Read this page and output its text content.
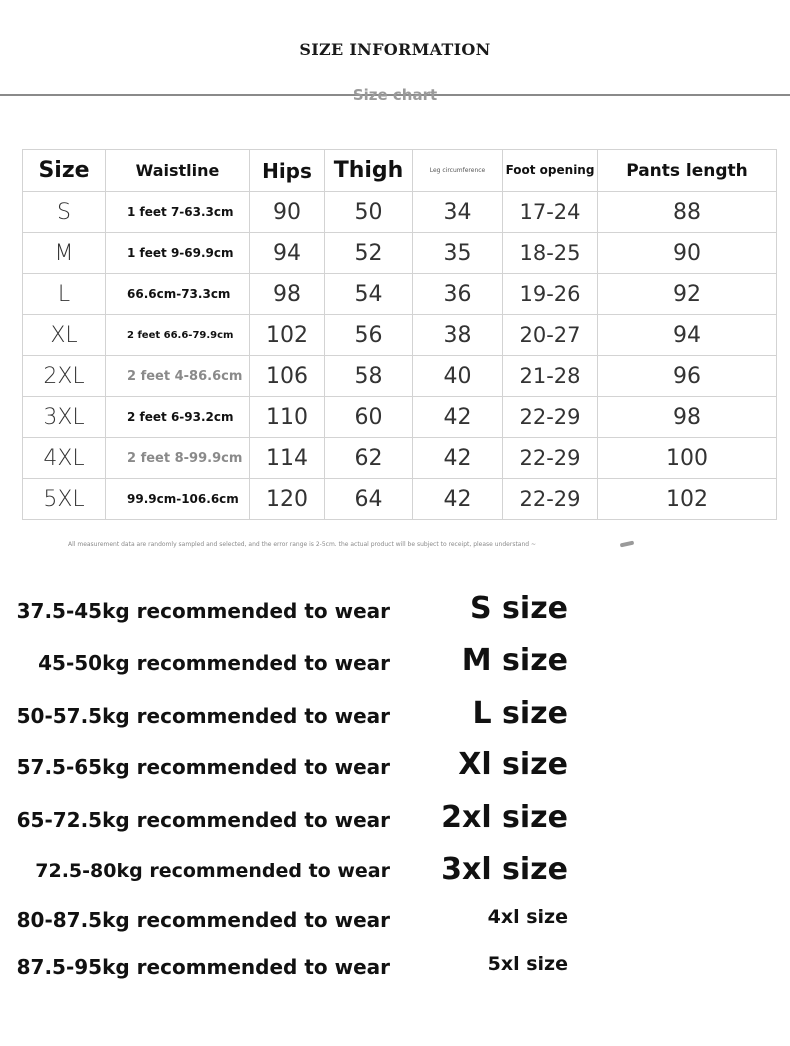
SIZE INFORMATION
Size chart
Size	Waistline	Hips	Thigh	Leg circumference	Foot opening	Pants length
S	1 feet 7-63.3cm	90	50	34	17-24	88
M	1 feet 9-69.9cm	94	52	35	18-25	90
L	66.6cm-73.3cm	98	54	36	19-26	92
XL	2 feet 66.6-79.9cm	102	56	38	20-27	94
2XL	2 feet 4-86.6cm	106	58	40	21-28	96
3XL	2 feet 6-93.2cm	110	60	42	22-29	98
4XL	2 feet 8-99.9cm	114	62	42	22-29	100
5XL	99.9cm-106.6cm	120	64	42	22-29	102
All measurement data are randomly sampled and selected, and the error range is 2-5cm. the actual product will be subject to receipt, please understand ~
37.5-45kg recommended to wear	S size
45-50kg recommended to wear M size
50-57.5kg recommended to wear	L size
57.5-65kg recommended to wear Xl size
65-72.5kg recommended to wear 2xl size
72.5-80kg recommended to wear 3xl size
80-87.5kg recommended to wear	4xl size
87.5-95kg recommended to wear	5xl size
